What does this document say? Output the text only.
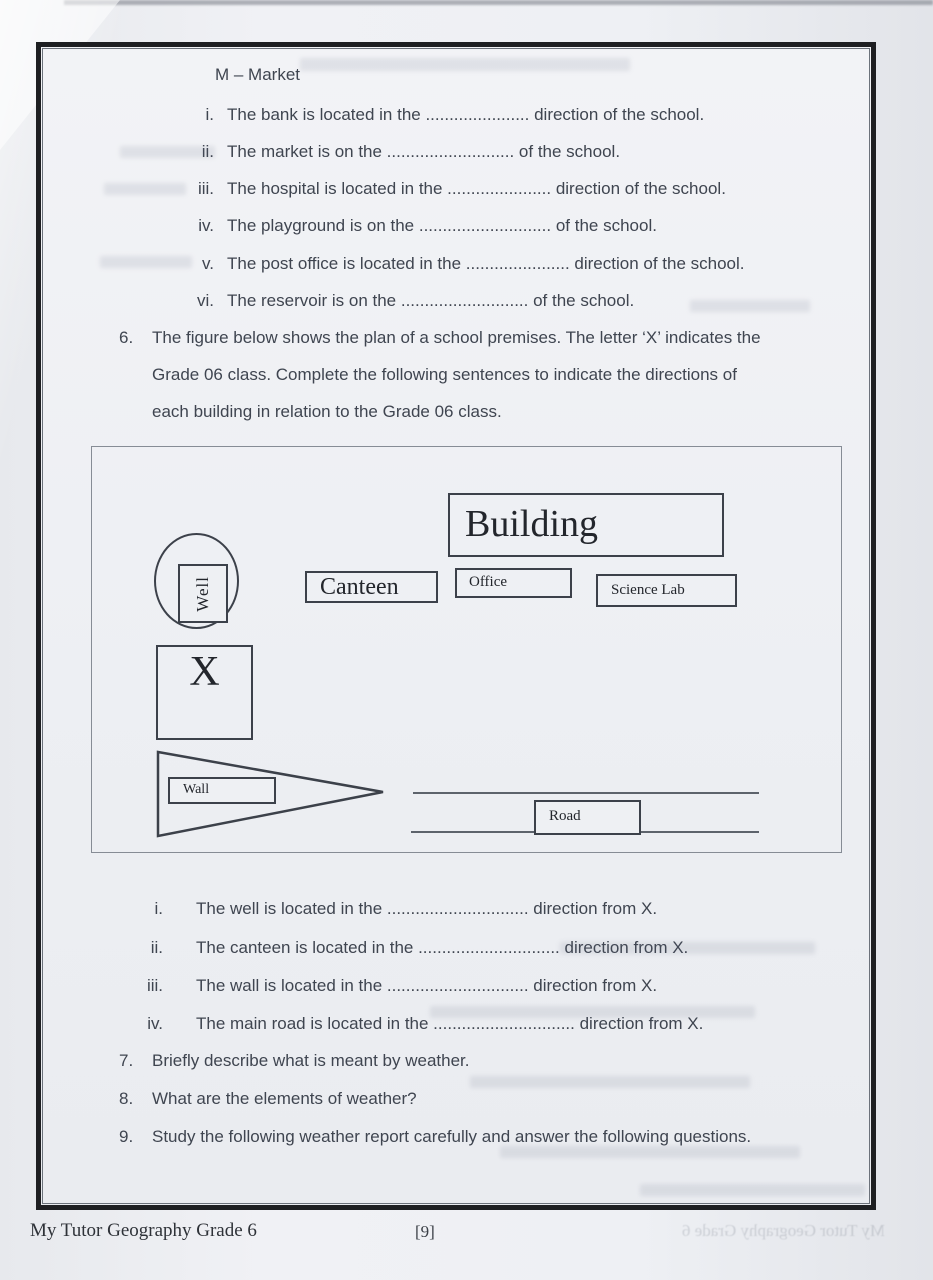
M – Market
i. The bank is located in the ...................... direction of the school.
ii. The market is on the ........................... of the school.
iii. The hospital is located in the ...................... direction of the school.
iv. The playground is on the ............................ of the school.
v. The post office is located in the ...................... direction of the school.
vi. The reservoir is on the ........................... of the school.
6. The figure below shows the plan of a school premises. The letter ‘X’ indicates the
Grade 06 class. Complete the following sentences to indicate the directions of
each building in relation to the Grade 06 class.
Building
Canteen	Office	Science Lab
Well
X
Wall
Road
i. The well is located in the .............................. direction from X.
ii. The canteen is located in the .............................. direction from X.
iii. The wall is located in the .............................. direction from X.
iv. The main road is located in the .............................. direction from X.
7.	Briefly describe what is meant by weather.
8.	What are the elements of weather?
9.	Study the following weather report carefully and answer the following questions.
My Tutor Geography Grade 6	[9]	My Tutor Geography Grade 6
